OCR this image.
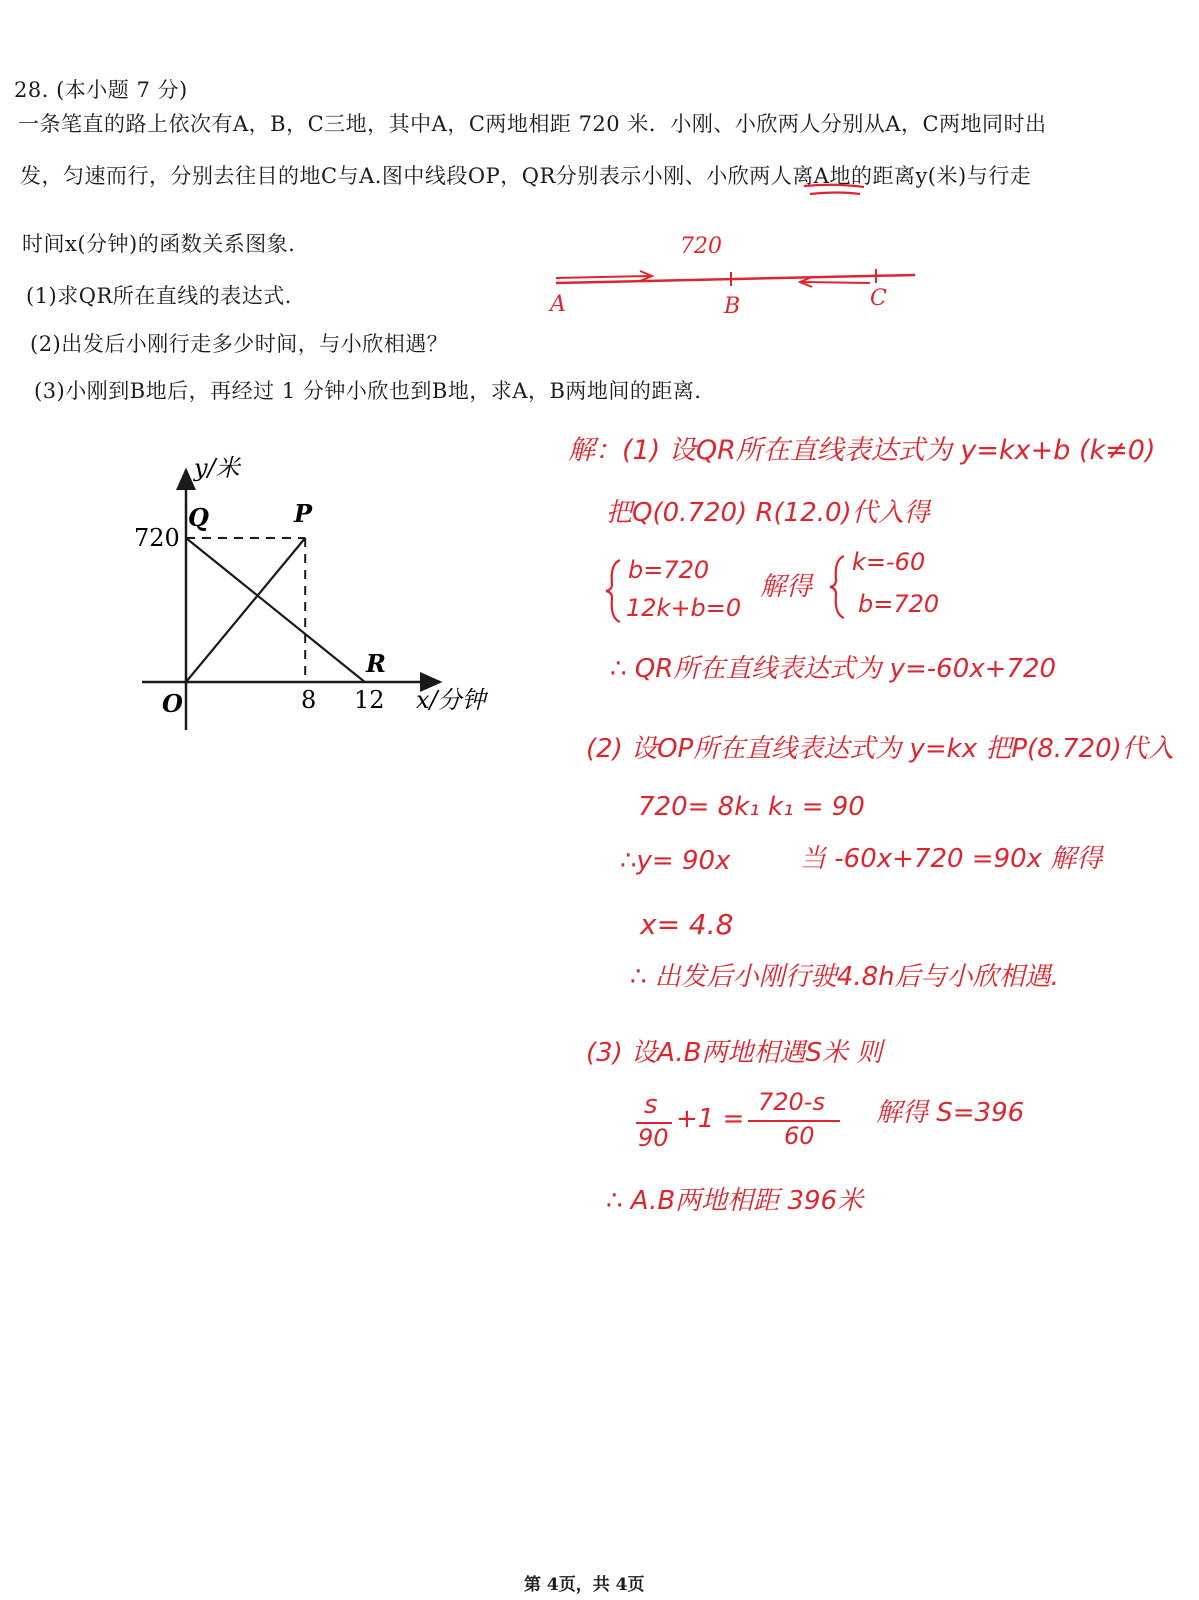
28. (本小题 7 分)
一条笔直的路上依次有A，B，C三地，其中A，C两地相距 720 米．小刚、小欣两人分别从A，C两地同时出
发，匀速而行，分别去往目的地C与A.图中线段OP，QR分别表示小刚、小欣两人离A地的距离y(米)与行走
时间x(分钟)的函数关系图象．
(1)求QR所在直线的表达式．
(2)出发后小刚行走多少时间，与小欣相遇？
(3)小刚到B地后，再经过 1 分钟小欣也到B地，求A，B两地间的距离．
720
A	B	C
y/米
x/分钟
O
720
8 12
Q	P
R
解：(1) 设QR所在直线表达式为 y=kx+b (k≠0)
把Q(0.720) R(12.0)代入得
b=720
12k+b=0
解得
k=-60
b=720
∴ QR所在直线表达式为 y=-60x+720
(2) 设OP所在直线表达式为 y=kx 把P(8.720)代入
720= 8k₁ k₁ = 90
∴y= 90x	当 -60x+720 =90x 解得
x= 4.8
∴ 出发后小刚行驶4.8h后与小欣相遇.
(3) 设A.B两地相遇S米 则
s
90
+1 =
720-s
60
解得 S=396
∴ A.B两地相距 396米
第 4页，共 4页
